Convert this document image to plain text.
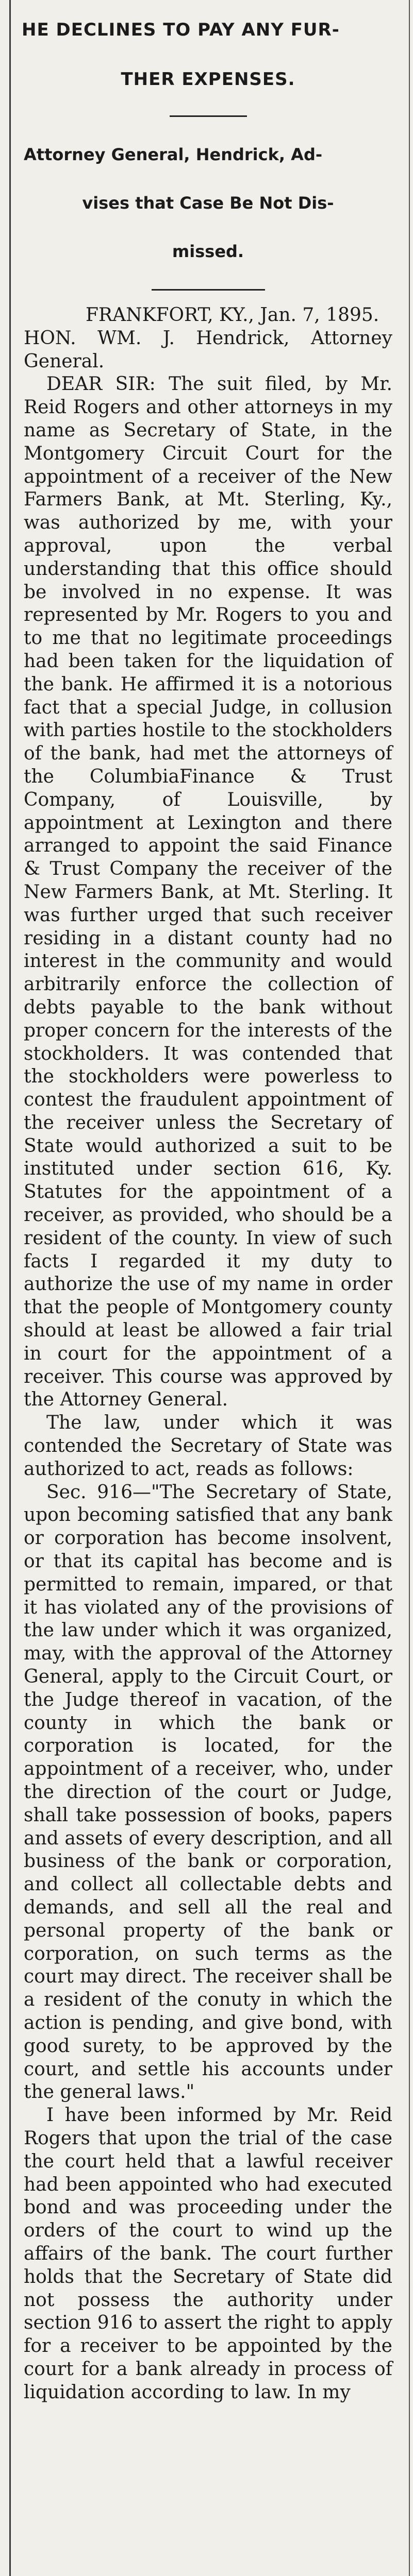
HE DECLINES TO PAY ANY FUR-
THER EXPENSES.
Attorney General, Hendrick, Ad-
vises that Case Be Not Dis-
missed.

FRANKFORT, KY., Jan. 7, 1895.

HON. WM. J. Hendrick, Attorney General.

DEAR SIR: The suit filed, by Mr. Reid Rogers and other attorneys in my name as Secretary of State, in the Montgomery Circuit Court for the appointment of a receiver of the New Farmers Bank, at Mt. Sterling, Ky., was authorized by me, with your approval, upon the verbal understanding that this office should be involved in no expense. It was represented by Mr. Rogers to you and to me that no legitimate proceedings had been taken for the liquidation of the bank. He affirmed it is a notorious fact that a special Judge, in collusion with parties hostile to the stockholders of the bank, had met the attorneys of the ColumbiaFinance & Trust Company, of Louisville, by appointment at Lexington and there arranged to appoint the said Finance & Trust Company the receiver of the New Farmers Bank, at Mt. Sterling. It was further urged that such receiver residing in a distant county had no interest in the community and would arbitrarily enforce the collection of debts payable to the bank without proper concern for the interests of the stockholders. It was contended that the stockholders were powerless to contest the fraudulent appointment of the receiver unless the Secretary of State would authorized a suit to be instituted under section 616, Ky. Statutes for the appointment of a receiver, as provided, who should be a resident of the county. In view of such facts I regarded it my duty to authorize the use of my name in order that the people of Montgomery county should at least be allowed a fair trial in court for the appointment of a receiver. This course was approved by the Attorney General.

The law, under which it was contended the Secretary of State was authorized to act, reads as follows:

Sec. 916—"The Secretary of State, upon becoming satisfied that any bank or corporation has become insolvent, or that its capital has become and is permitted to remain, impared, or that it has violated any of the provisions of the law under which it was organized, may, with the approval of the Attorney General, apply to the Circuit Court, or the Judge thereof in vacation, of the county in which the bank or corporation is located, for the appointment of a receiver, who, under the direction of the court or Judge, shall take possession of books, papers and assets of every description, and all business of the bank or corporation, and collect all collectable debts and demands, and sell all the real and personal property of the bank or corporation, on such terms as the court may direct. The receiver shall be a resident of the conuty in which the action is pending, and give bond, with good surety, to be approved by the court, and settle his accounts under the general laws."

I have been informed by Mr. Reid Rogers that upon the trial of the case the court held that a lawful receiver had been appointed who had executed bond and was proceeding under the orders of the court to wind up the affairs of the bank. The court further holds that the Secretary of State did not possess the authority under section 916 to assert the right to apply for a receiver to be appointed by the court for a bank already in process of liquidation according to law. In my
